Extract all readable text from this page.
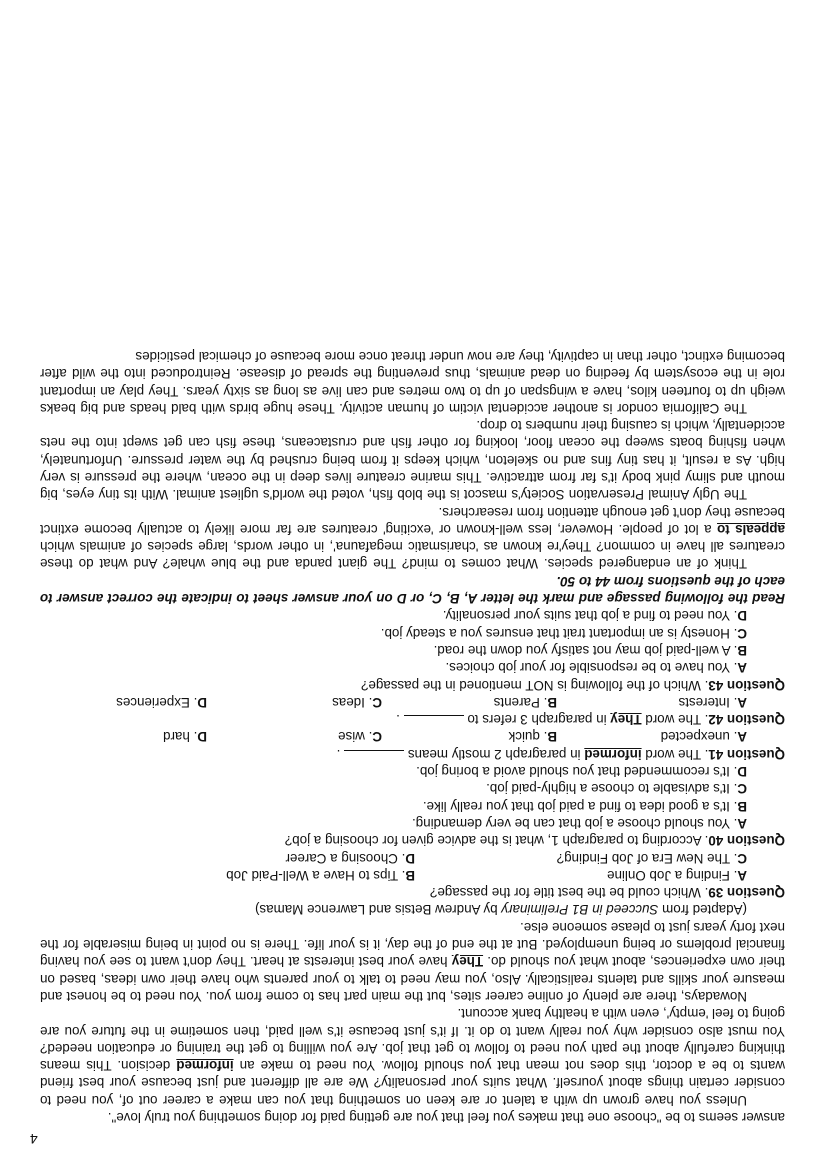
4

answer seems to be "choose one that makes you feel that you are getting paid for doing something you truly love".

Unless you have grown up with a talent or are keen on something that you can make a career out of, you need to consider certain things about yourself. What suits your personality? We are all different and just because your best friend wants to be a doctor, this does not mean that you should follow. You need to make an informed decision. This means thinking carefully about the path you need to follow to get that job. Are you willing to get the training or education needed? You must also consider why you really want to do it. If it's just because it's well paid, then sometime in the future you are going to feel 'empty', even with a healthy bank account.

Nowadays, there are plenty of online career sites, but the main part has to come from you. You need to be honest and measure your skills and talents realistically. Also, you may need to talk to your parents who have their own ideas, based on their own experiences, about what you should do. They have your best interests at heart. They don't want to see you having financial problems or being unemployed. But at the end of the day, it is your life. There is no point in being miserable for the next forty years just to please someone else.

(Adapted from Succeed in B1 Preliminary by Andrew Betsis and Lawrence Mamas)

Question 39. Which could be the best title for the passage?

A. Finding a Job Online
B. Tips to Have a Well-Paid Job
C. The New Era of Job Finding?
D. Choosing a Career

Question 40. According to paragraph 1, what is the advice given for choosing a job?

A. You should choose a job that can be very demanding.

B. It's a good idea to find a paid job that you really like.

C. It's advisable to choose a highly-paid job.

D. It's recommended that you should avoid a boring job.

Question 41. The word informed in paragraph 2 mostly means  .

A. unexpected
B. quick
C. wise
D. hard

Question 42. The word They in paragraph 3 refers to  .

A. Interests
B. Parents
C. Ideas
D. Experiences

Question 43. Which of the following is NOT mentioned in the passage?

A. You have to be responsible for your job choices.

B. A well-paid job may not satisfy you down the road.

C. Honesty is an important trait that ensures you a steady job.

D. You need to find a job that suits your personality.

Read the following passage and mark the letter A, B, C, or D on your answer sheet to indicate the correct answer to each of the questions from 44 to 50.

Think of an endangered species. What comes to mind? The giant panda and the blue whale? And what do these creatures all have in common? They're known as 'charismatic megafauna', in other words, large species of animals which appeals to a lot of people. However, less well-known or 'exciting' creatures are far more likely to actually become extinct because they don't get enough attention from researchers.

The Ugly Animal Preservation Society's mascot is the blob fish, voted the world's ugliest animal. With its tiny eyes, big mouth and slimy pink body it's far from attractive. This marine creature lives deep in the ocean, where the pressure is very high. As a result, it has tiny fins and no skeleton, which keeps it from being crushed by the water pressure. Unfortunately, when fishing boats sweep the ocean floor, looking for other fish and crustaceans, these fish can get swept into the nets accidentally, which is causing their numbers to drop.

The California condor is another accidental victim of human activity. These huge birds with bald heads and big beaks weigh up to fourteen kilos, have a wingspan of up to two metres and can live as long as sixty years. They play an important role in the ecosystem by feeding on dead animals, thus preventing the spread of disease. Reintroduced into the wild after becoming extinct, other than in captivity, they are now under threat once more because of chemical pesticides
